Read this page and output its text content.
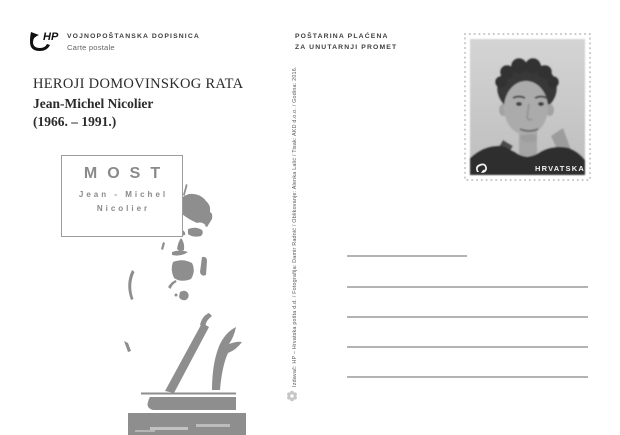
HP VOJNOPOŠTANSKA DOPISNICA
Carte postale
POŠTARINA PLAĆENA
ZA UNUTARNJI PROMET
HEROJI DOMOVINSKOG RATA
Jean-Michel Nicolier
(1966. – 1991.)
MOST
Jean - Michel
Nicolier
HRVATSKA
Izdavač: HP – Hrvatska pošta d.d. / Fotografija: Damir Radnić / Oblikovanje: Alenka Lalić / Tisak: AKD d.o.o. / Godina: 2016.
